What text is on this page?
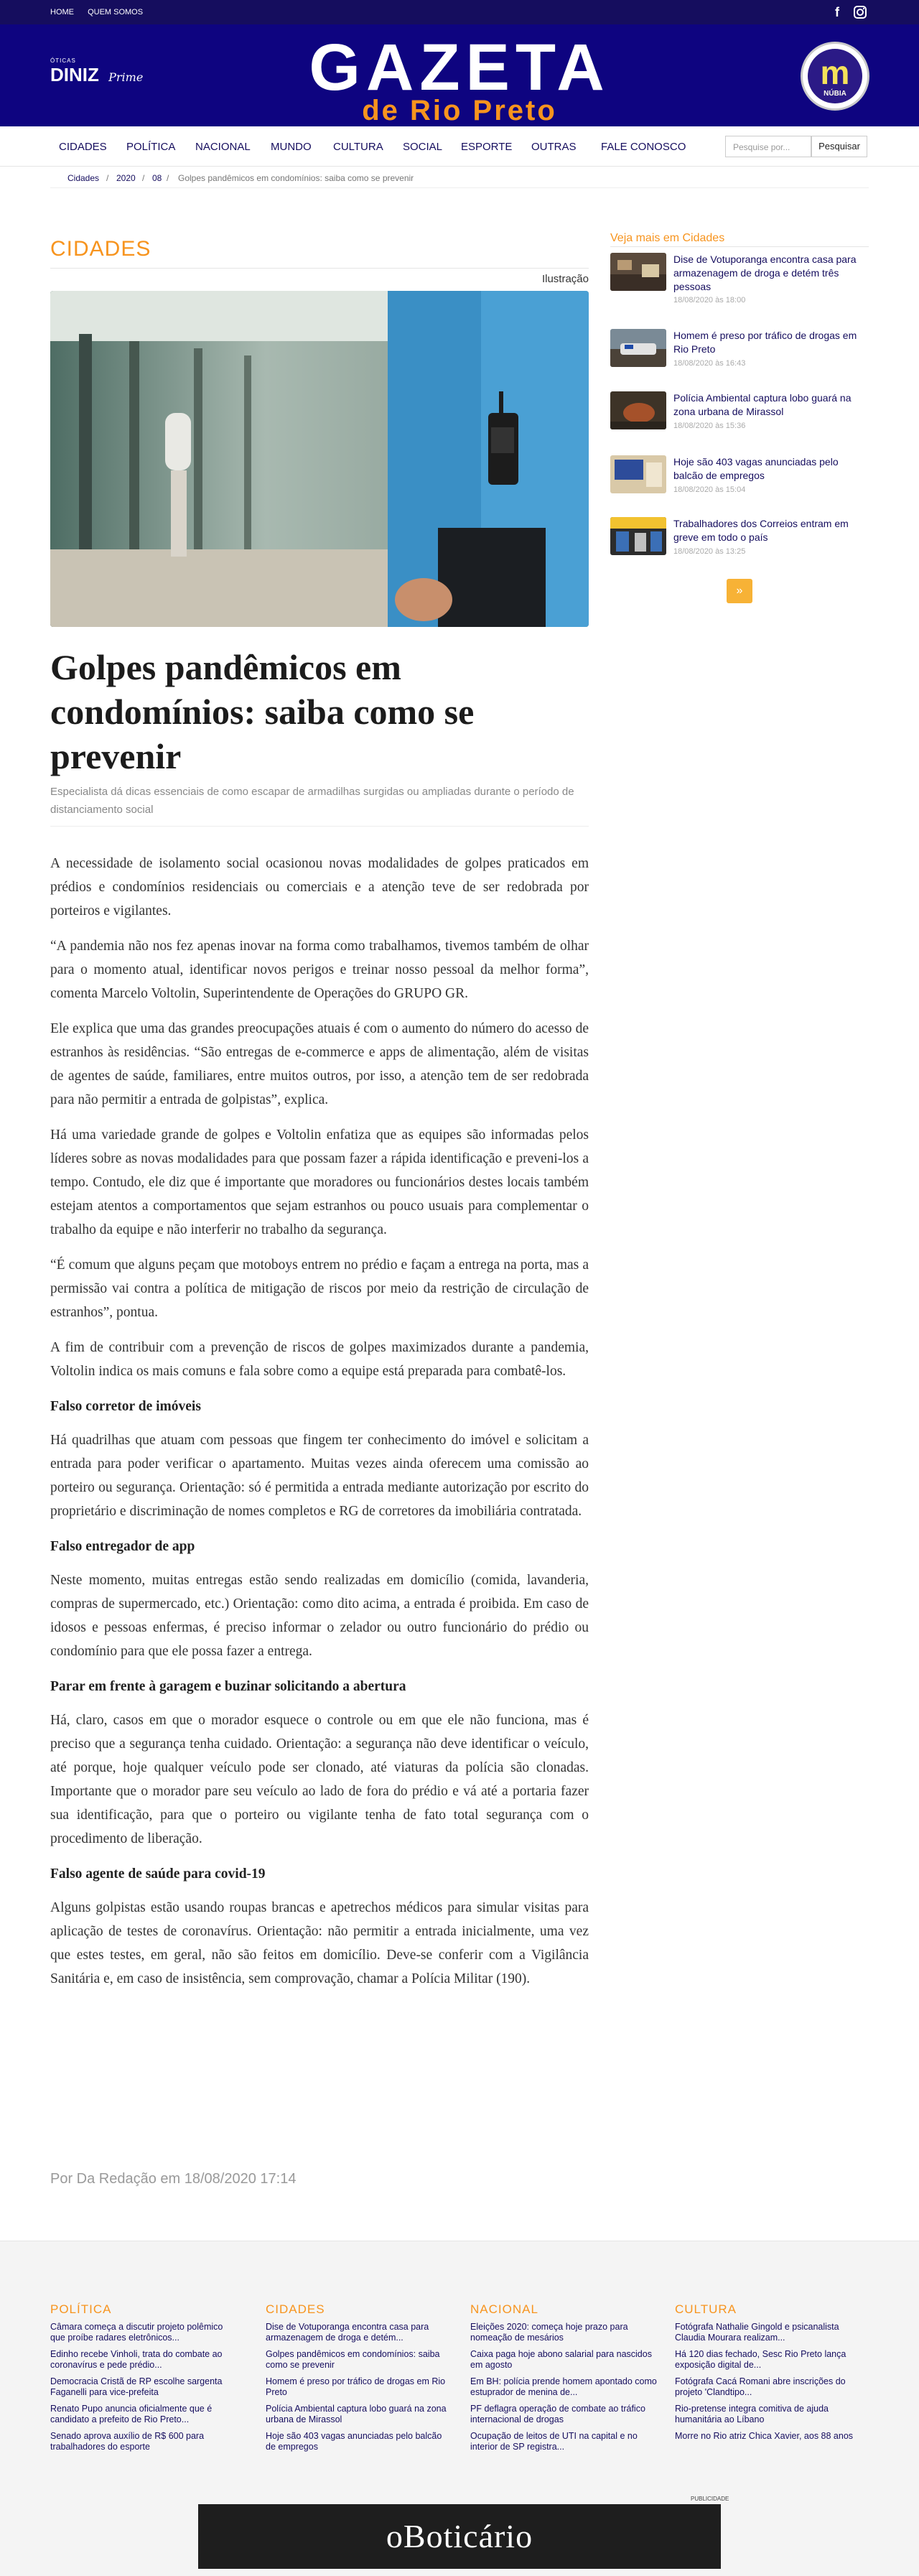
HOME QUEM SOMOS	f
ÓTICAS
DINIZ Prime	GAZETA
de Rio Preto
m
NÚBIA
CIDADES POLÍTICA NACIONAL MUNDO CULTURA SOCIAL ESPORTE OUTRAS FALE CONOSCO	Pesquise por...	Pesquisar
Cidades / 2020 / 08 / Golpes pandêmicos em condomínios: saiba como se prevenir
CIDADES
Ilustração
Golpes pandêmicos em condomínios: saiba como se prevenir
Especialista dá dicas essenciais de como escapar de armadilhas surgidas ou ampliadas durante o período de distanciamento social

A necessidade de isolamento social ocasionou novas modalidades de golpes praticados em prédios e condomínios residenciais ou comerciais e a atenção teve de ser redobrada por porteiros e vigilantes.

“A pandemia não nos fez apenas inovar na forma como trabalhamos, tivemos também de olhar para o momento atual, identificar novos perigos e treinar nosso pessoal da melhor forma”, comenta Marcelo Voltolin, Superintendente de Operações do GRUPO GR.

Ele explica que uma das grandes preocupações atuais é com o aumento do número do acesso de estranhos às residências. “São entregas de e-commerce e apps de alimentação, além de visitas de agentes de saúde, familiares, entre muitos outros, por isso, a atenção tem de ser redobrada para não permitir a entrada de golpistas”, explica.

Há uma variedade grande de golpes e Voltolin enfatiza que as equipes são informadas pelos líderes sobre as novas modalidades para que possam fazer a rápida identificação e preveni-los a tempo. Contudo, ele diz que é importante que moradores ou funcionários destes locais também estejam atentos a comportamentos que sejam estranhos ou pouco usuais para complementar o trabalho da equipe e não interferir no trabalho da segurança.

“É comum que alguns peçam que motoboys entrem no prédio e façam a entrega na porta, mas a permissão vai contra a política de mitigação de riscos por meio da restrição de circulação de estranhos”, pontua.

A fim de contribuir com a prevenção de riscos de golpes maximizados durante a pandemia, Voltolin indica os mais comuns e fala sobre como a equipe está preparada para combatê-los.

Falso corretor de imóveis

Há quadrilhas que atuam com pessoas que fingem ter conhecimento do imóvel e solicitam a entrada para poder verificar o apartamento. Muitas vezes ainda oferecem uma comissão ao porteiro ou segurança. Orientação: só é permitida a entrada mediante autorização por escrito do proprietário e discriminação de nomes completos e RG de corretores da imobiliária contratada.

Falso entregador de app

Neste momento, muitas entregas estão sendo realizadas em domicílio (comida, lavanderia, compras de supermercado, etc.) Orientação: como dito acima, a entrada é proibida. Em caso de idosos e pessoas enfermas, é preciso informar o zelador ou outro funcionário do prédio ou condomínio para que ele possa fazer a entrega.

Parar em frente à garagem e buzinar solicitando a abertura

Há, claro, casos em que o morador esquece o controle ou em que ele não funciona, mas é preciso que a segurança tenha cuidado. Orientação: a segurança não deve identificar o veículo, até porque, hoje qualquer veículo pode ser clonado, até viaturas da polícia são clonadas. Importante que o morador pare seu veículo ao lado de fora do prédio e vá até a portaria fazer sua identificação, para que o porteiro ou vigilante tenha de fato total segurança com o procedimento de liberação.

Falso agente de saúde para covid-19

Alguns golpistas estão usando roupas brancas e apetrechos médicos para simular visitas para aplicação de testes de coronavírus. Orientação: não permitir a entrada inicialmente, uma vez que estes testes, em geral, não são feitos em domicílio. Deve-se conferir com a Vigilância Sanitária e, em caso de insistência, sem comprovação, chamar a Polícia Militar (190).

Por Da Redação em 18/08/2020 17:14
Veja mais em Cidades
Dise de Votuporanga encontra casa para armazenagem de droga e detém três pessoas
18/08/2020 às 18:00
Homem é preso por tráfico de drogas em Rio Preto
18/08/2020 às 16:43
Polícia Ambiental captura lobo guará na zona urbana de Mirassol
18/08/2020 às 15:36
Hoje são 403 vagas anunciadas pelo balcão de empregos
18/08/2020 às 15:04
Trabalhadores dos Correios entram em greve em todo o país
18/08/2020 às 13:25
»
POLÍTICA
Câmara começa a discutir projeto polêmico que proíbe radares eletrônicos...
Edinho recebe Vinholi, trata do combate ao coronavírus e pede prédio...
Democracia Cristã de RP escolhe sargenta Faganelli para vice-prefeita
Renato Pupo anuncia oficialmente que é candidato a prefeito de Rio Preto...
Senado aprova auxílio de R$ 600 para trabalhadores do esporte
CIDADES
Dise de Votuporanga encontra casa para armazenagem de droga e detém...
Golpes pandêmicos em condomínios: saiba como se prevenir
Homem é preso por tráfico de drogas em Rio Preto
Polícia Ambiental captura lobo guará na zona urbana de Mirassol
Hoje são 403 vagas anunciadas pelo balcão de empregos
NACIONAL
Eleições 2020: começa hoje prazo para nomeação de mesários
Caixa paga hoje abono salarial para nascidos em agosto
Em BH: polícia prende homem apontado como estuprador de menina de...
PF deflagra operação de combate ao tráfico internacional de drogas
Ocupação de leitos de UTI na capital e no interior de SP registra...
CULTURA
Fotógrafa Nathalie Gingold e psicanalista Claudia Mourara realizam...
Há 120 dias fechado, Sesc Rio Preto lança exposição digital de...
Fotógrafa Cacá Romani abre inscrições do projeto 'Clandtipo...
Rio-pretense integra comitiva de ajuda humanitária ao Líbano
Morre no Rio atriz Chica Xavier, aos 88 anos
PUBLICIDADE
oBoticário
